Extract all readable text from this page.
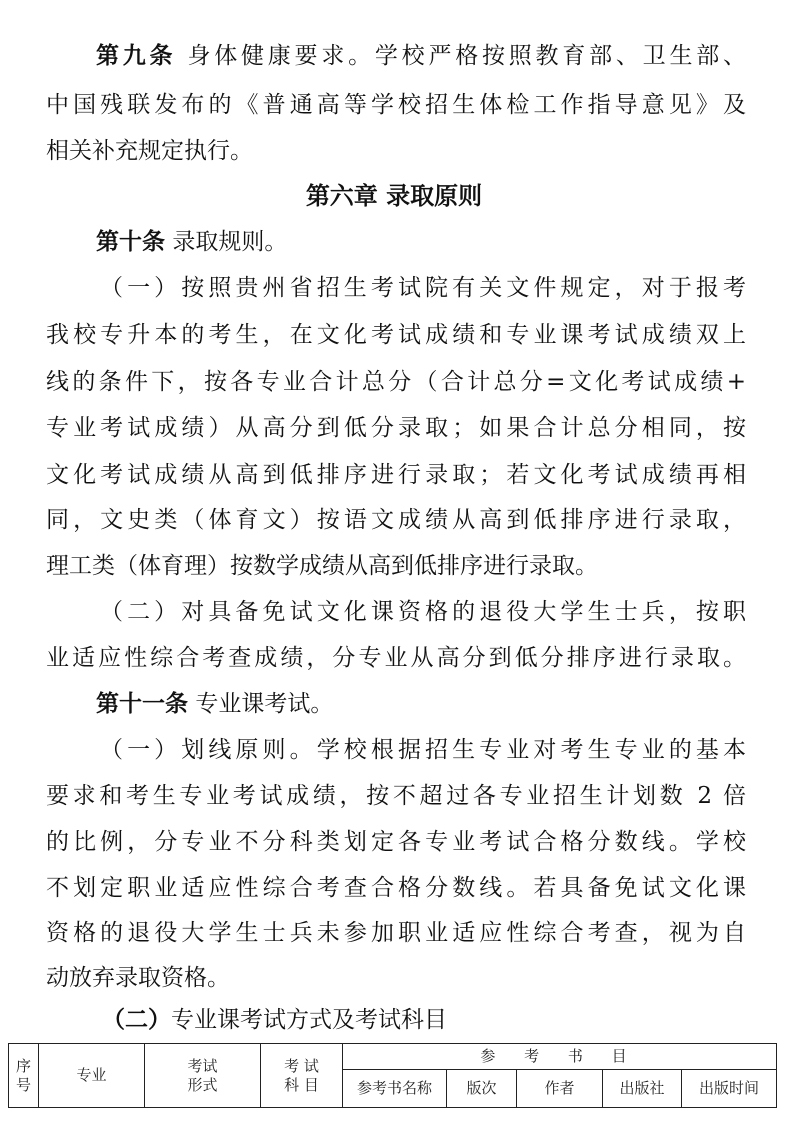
第九条 身体健康要求。学校严格按照教育部、卫生部、
中国残联发布的《普通高等学校招生体检工作指导意见》及
相关补充规定执行。
第六章 录取原则
第十条 录取规则。
（一）按照贵州省招生考试院有关文件规定，对于报考
我校专升本的考生，在文化考试成绩和专业课考试成绩双上
线的条件下，按各专业合计总分（合计总分=文化考试成绩+
专业考试成绩）从高分到低分录取；如果合计总分相同，按
文化考试成绩从高到低排序进行录取；若文化考试成绩再相
同，文史类（体育文）按语文成绩从高到低排序进行录取，
理工类（体育理）按数学成绩从高到低排序进行录取。
（二）对具备免试文化课资格的退役大学生士兵，按职
业适应性综合考查成绩，分专业从高分到低分排序进行录取。
第十一条 专业课考试。
（一）划线原则。学校根据招生专业对考生专业的基本
要求和考生专业考试成绩，按不超过各专业招生计划数 2 倍
的比例，分专业不分科类划定各专业考试合格分数线。学校
不划定职业适应性综合考查合格分数线。若具备免试文化课
资格的退役大学生士兵未参加职业适应性综合考查，视为自
动放弃录取资格。
（二）专业课考试方式及考试科目
序号	专业	考试形式	考 试 科 目	参 考 书 目				
				参考书名称	版次	作者	出版社	出版时间
